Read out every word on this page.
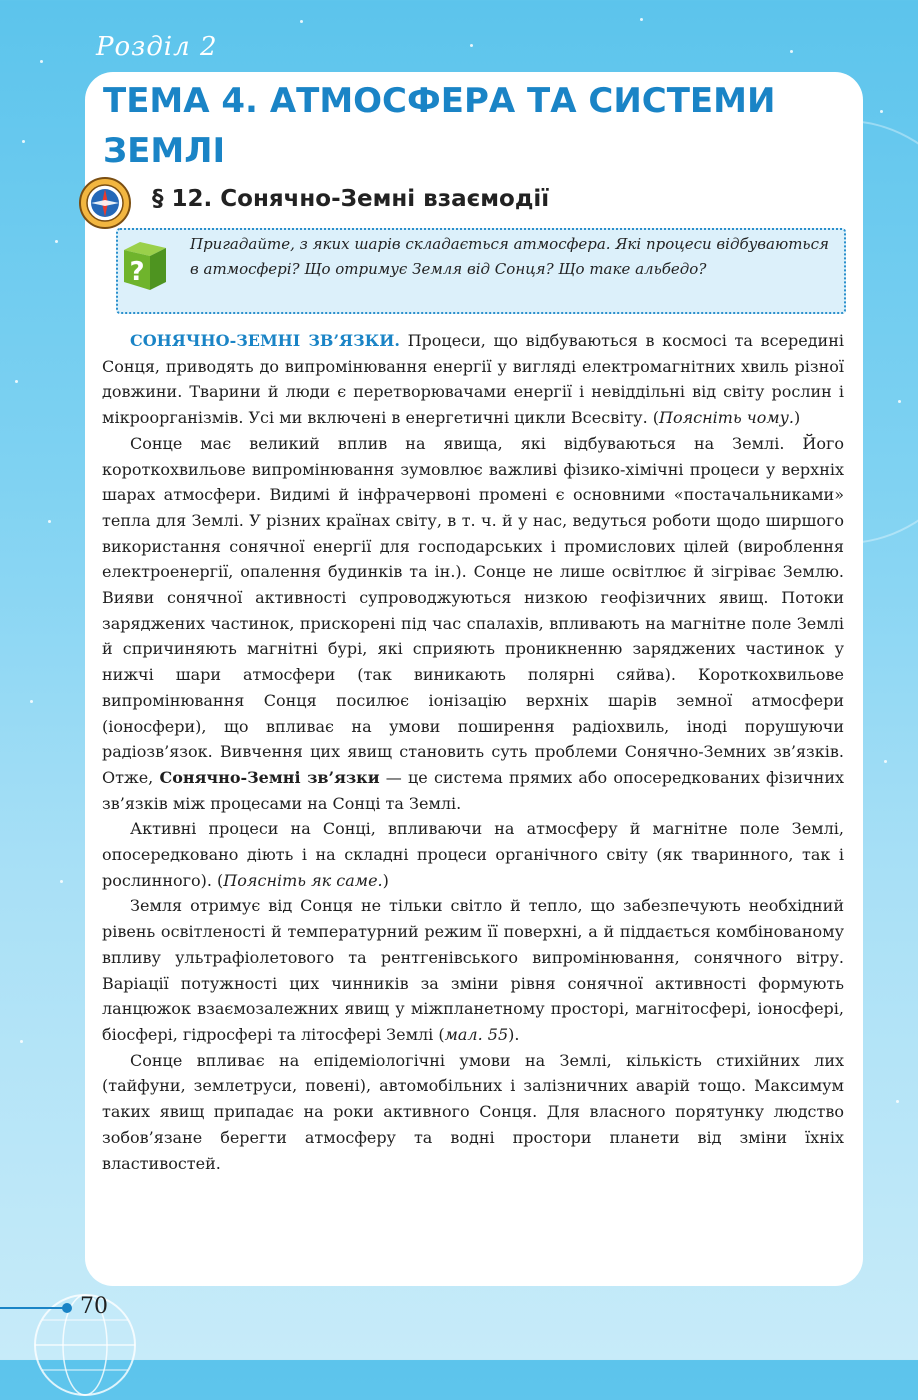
Розділ 2
ТЕМА 4. АТМОСФЕРА ТА СИСТЕМИ ЗЕМЛІ
§ 12. Сонячно-Земні взаємодії
?

Пригадайте, з яких шарів складається атмосфера. Які процеси відбуваються в атмосфері? Що отримує Земля від Сонця? Що таке альбедо?

СОНЯЧНО-ЗЕМНІ ЗВ’ЯЗКИ. Процеси, що відбуваються в космосі та всередині Сонця, приводять до випромінювання енергії у вигляді електромагнітних хвиль різної довжини. Тварини й люди є перетворювачами енергії і невіддільні від світу рослин і мікроорганізмів. Усі ми включені в енергетичні цикли Всесвіту. (Поясніть чому.)

Сонце має великий вплив на явища, які відбуваються на Землі. Його короткохвильове випромінювання зумовлює важливі фізико-хімічні процеси у верхніх шарах атмосфери. Видимі й інфрачервоні промені є основними «постачальниками» тепла для Землі. У різних країнах світу, в т. ч. й у нас, ведуться роботи щодо ширшого використання сонячної енергії для господарських і промислових цілей (вироблення електроенергії, опалення будинків та ін.). Сонце не лише освітлює й зігріває Землю. Вияви сонячної активності супроводжуються низкою геофізичних явищ. Потоки заряджених частинок, прискорені під час спалахів, впливають на магнітне поле Землі й спричиняють магнітні бурі, які сприяють проникненню заряджених частинок у нижчі шари атмосфери (так виникають полярні сяйва). Короткохвильове випромінювання Сонця посилює іонізацію верхніх шарів земної атмосфери (іоносфери), що впливає на умови поширення радіохвиль, іноді порушуючи радіозв’язок. Вивчення цих явищ становить суть проблеми Сонячно-Земних зв’язків. Отже, Сонячно-Земні зв’язки — це система прямих або опосередкованих фізичних зв’язків між процесами на Сонці та Землі.

Активні процеси на Сонці, впливаючи на атмосферу й магнітне поле Землі, опосередковано діють і на складні процеси органічного світу (як тваринного, так і рослинного). (Поясніть як саме.)

Земля отримує від Сонця не тільки світло й тепло, що забезпечують необхідний рівень освітленості й температурний режим її поверхні, а й піддається комбінованому впливу ультрафіолетового та рентгенівського випромінювання, сонячного вітру. Варіації потужності цих чинників за зміни рівня сонячної активності формують ланцюжок взаємозалежних явищ у міжпланетному просторі, магнітосфері, іоносфері, біосфері, гідросфері та літосфері Землі (мал. 55).

Сонце впливає на епідеміологічні умови на Землі, кількість стихійних лих (тайфуни, землетруси, повені), автомобільних і залізничних аварій тощо. Максимум таких явищ припадає на роки активного Сонця. Для власного порятунку людство зобов’язане берегти атмосферу та водні простори планети від зміни їхніх властивостей.

70
